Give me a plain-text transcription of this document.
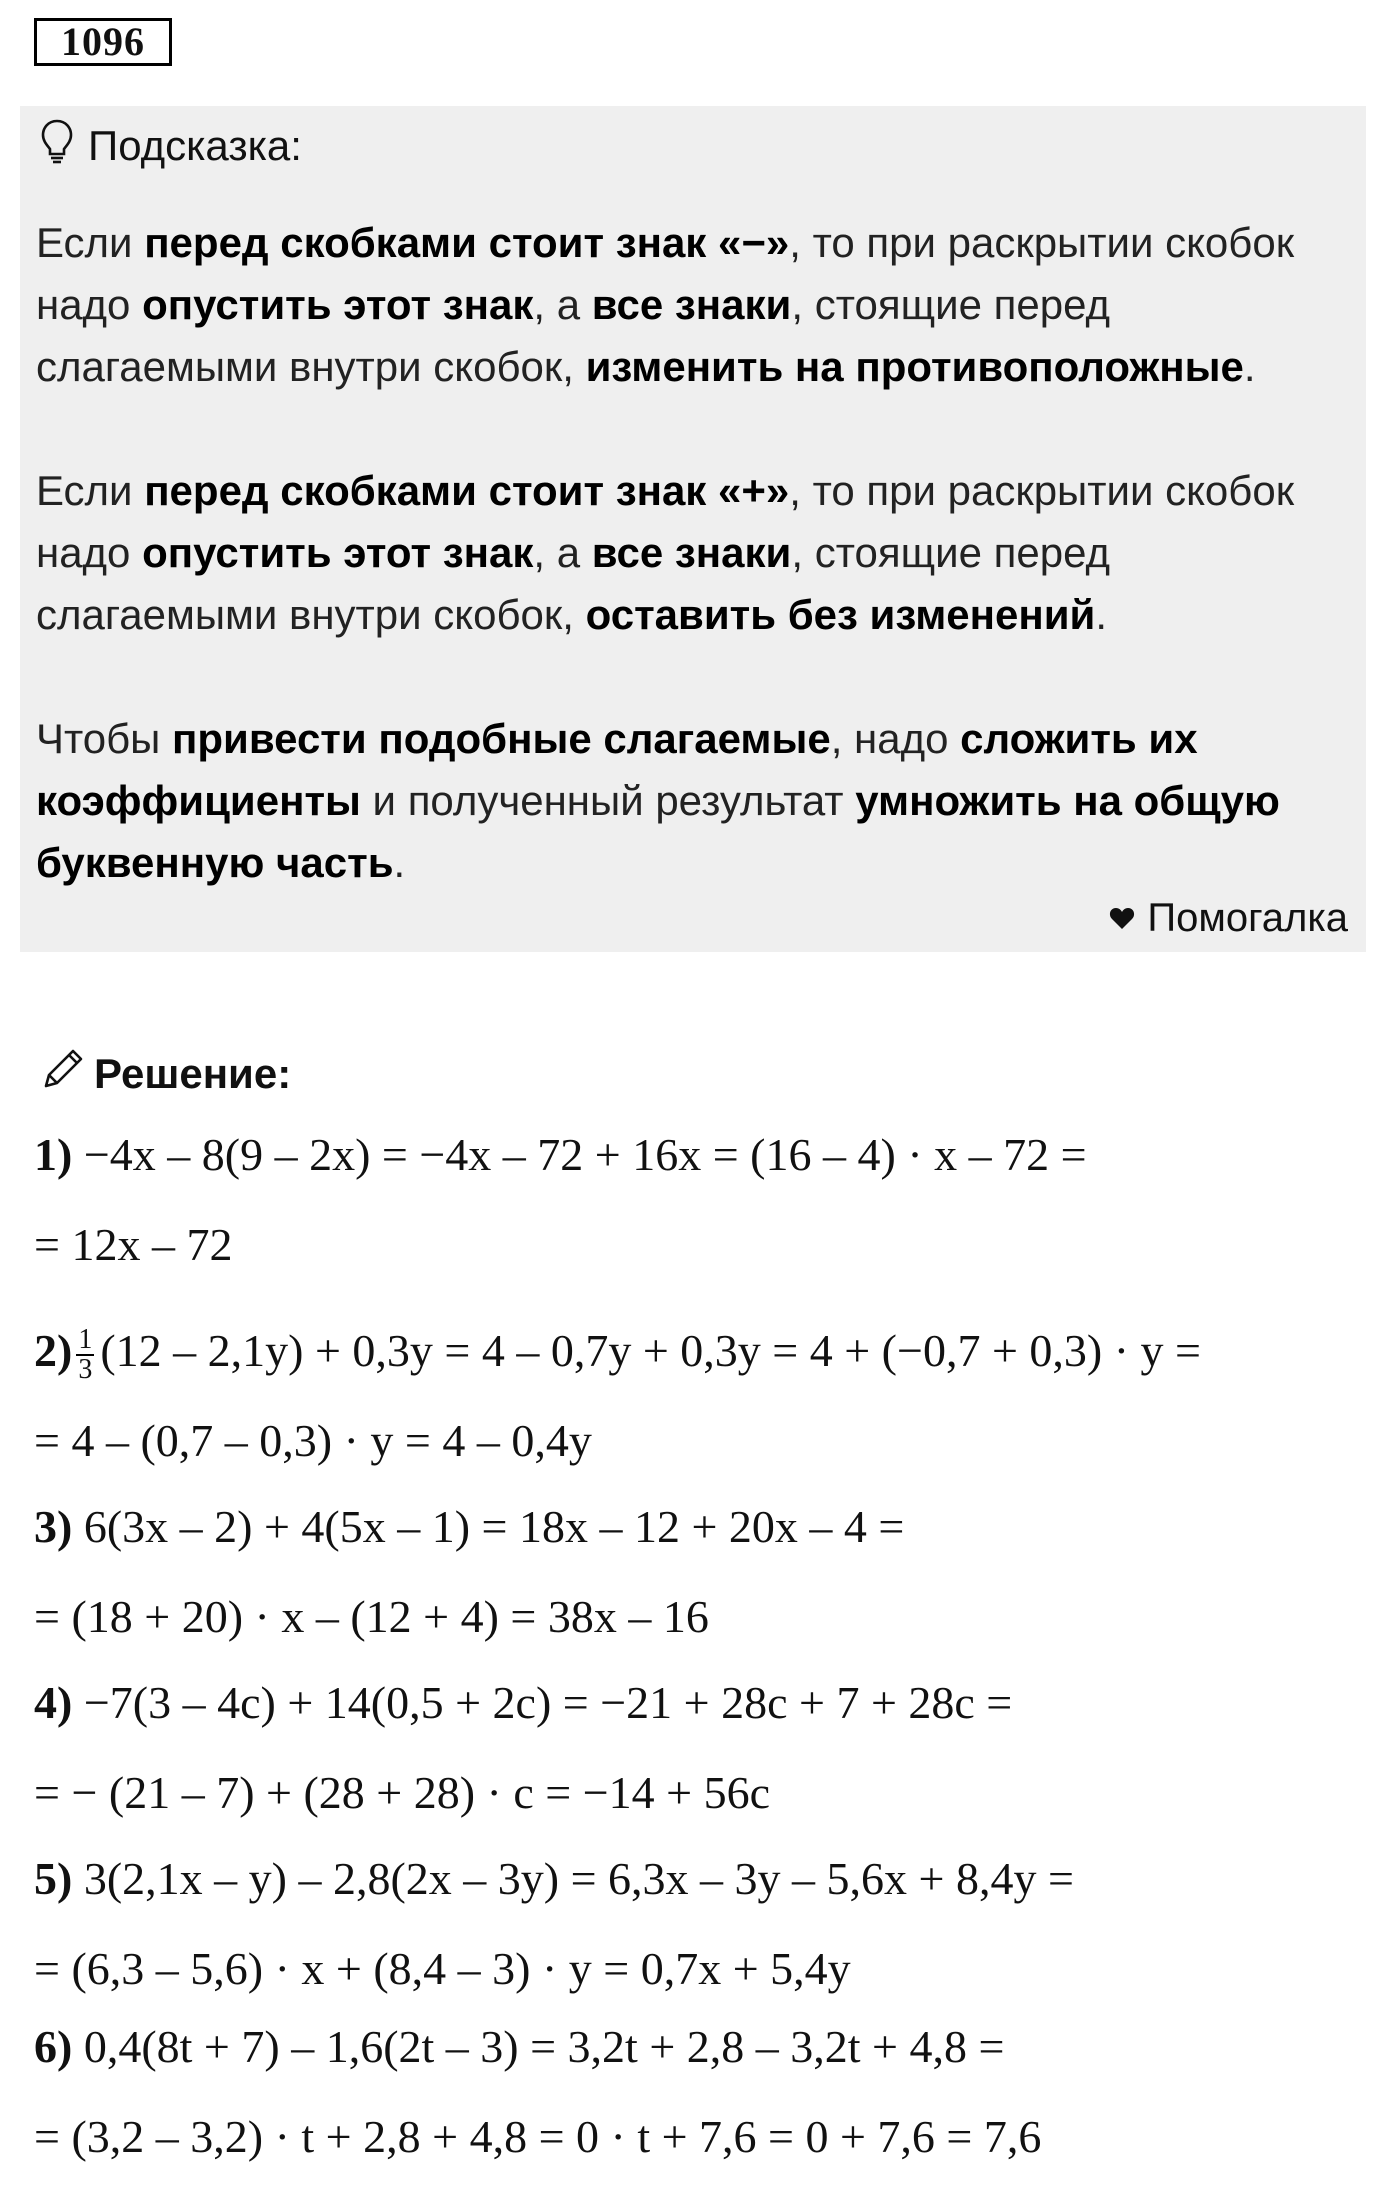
1096
Подсказка:
Если перед скобками стоит знак «−», то при раскрытии скобок надо опустить этот знак, а все знаки, стоящие перед слагаемыми внутри скобок, изменить на противоположные.
Если перед скобками стоит знак «+», то при раскрытии скобок надо опустить этот знак, а все знаки, стоящие перед слагаемыми внутри скобок, оставить без изменений.
Чтобы привести подобные слагаемые, надо сложить их коэффициенты и полученный результат умножить на общую буквенную часть.
Помогалка
Решение:
1) −4x – 8(9 – 2x) = −4x – 72 + 16x = (16 – 4) · x – 72 =
= 12x – 72
$2) \frac{1}{3} (12 - 2,1y) + 0,3y = 4 - 0,7y + 0,3y = 4 + (-0,7 + 0,3) \cdot y$ =
= 4 – (0,7 – 0,3) · y = 4 – 0,4y
3) 6(3x – 2) + 4(5x – 1) = 18x – 12 + 20x – 4 =
= (18 + 20) · x – (12 + 4) = 38x – 16
4) −7(3 – 4c) + 14(0,5 + 2c) = −21 + 28c + 7 + 28c =
= − (21 – 7) + (28 + 28) · c = −14 + 56c
5) 3(2,1x – y) – 2,8(2x – 3y) = 6,3x – 3y – 5,6x + 8,4y =
= (6,3 – 5,6) · x + (8,4 – 3) · y = 0,7x + 5,4y
6) 0,4(8t + 7) – 1,6(2t – 3) = 3,2t + 2,8 – 3,2t + 4,8 =
= (3,2 – 3,2) · t + 2,8 + 4,8 = 0 · t + 7,6 = 0 + 7,6 = 7,6
